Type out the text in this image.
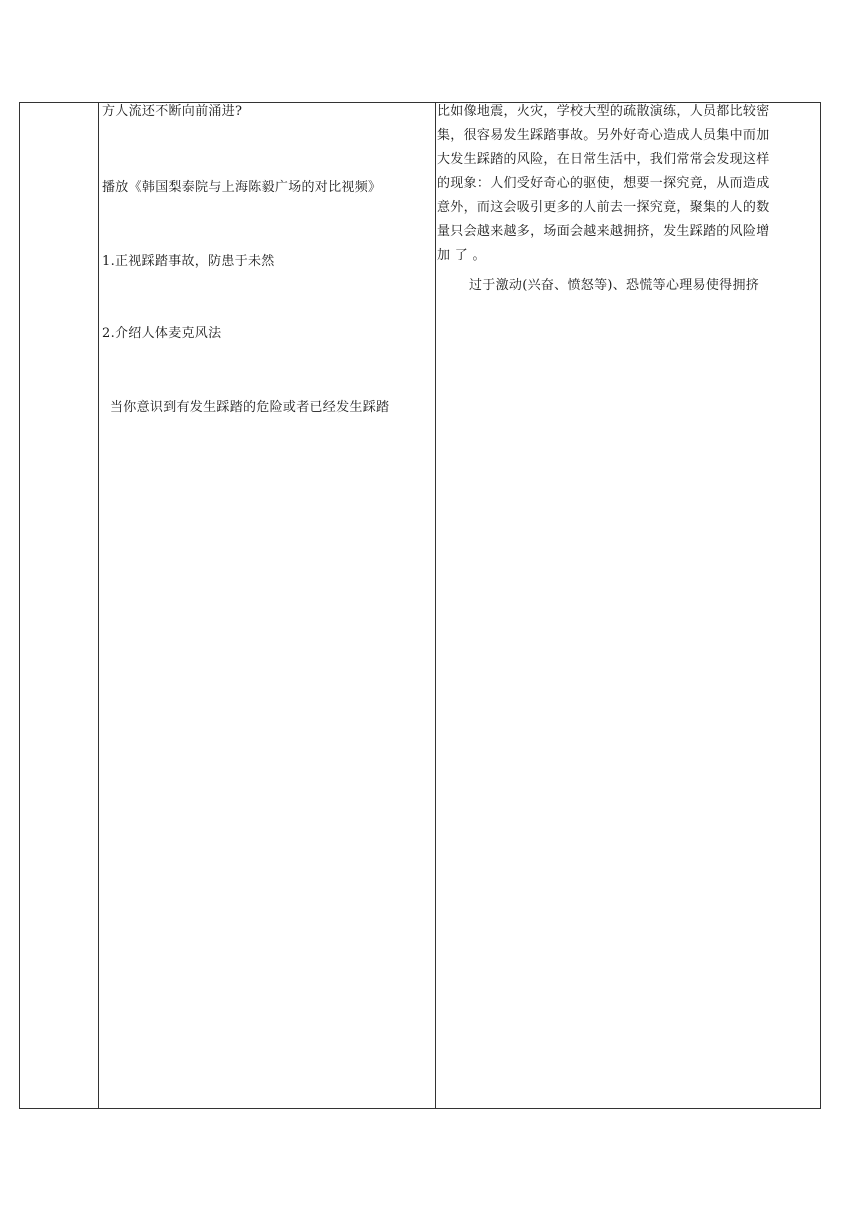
方人流还不断向前涌进?
播放《韩国梨泰院与上海陈毅广场的对比视频》
1.正视踩踏事故，防患于未然
2.介绍人体麦克风法
当你意识到有发生踩踏的危险或者已经发生踩踏

比如像地震，火灾，学校大型的疏散演练，人员都比较密
集，很容易发生踩踏事故。另外好奇心造成人员集中而加
大发生踩踏的风险，在日常生活中，我们常常会发现这样
的现象：人们受好奇心的驱使，想要一探究竟，从而造成
意外，而这会吸引更多的人前去一探究竟，聚集的人的数
量只会越来越多，场面会越来越拥挤，发生踩踏的风险增
加 了 。
过于激动(兴奋、愤怒等)、恐慌等心理易使得拥挤
